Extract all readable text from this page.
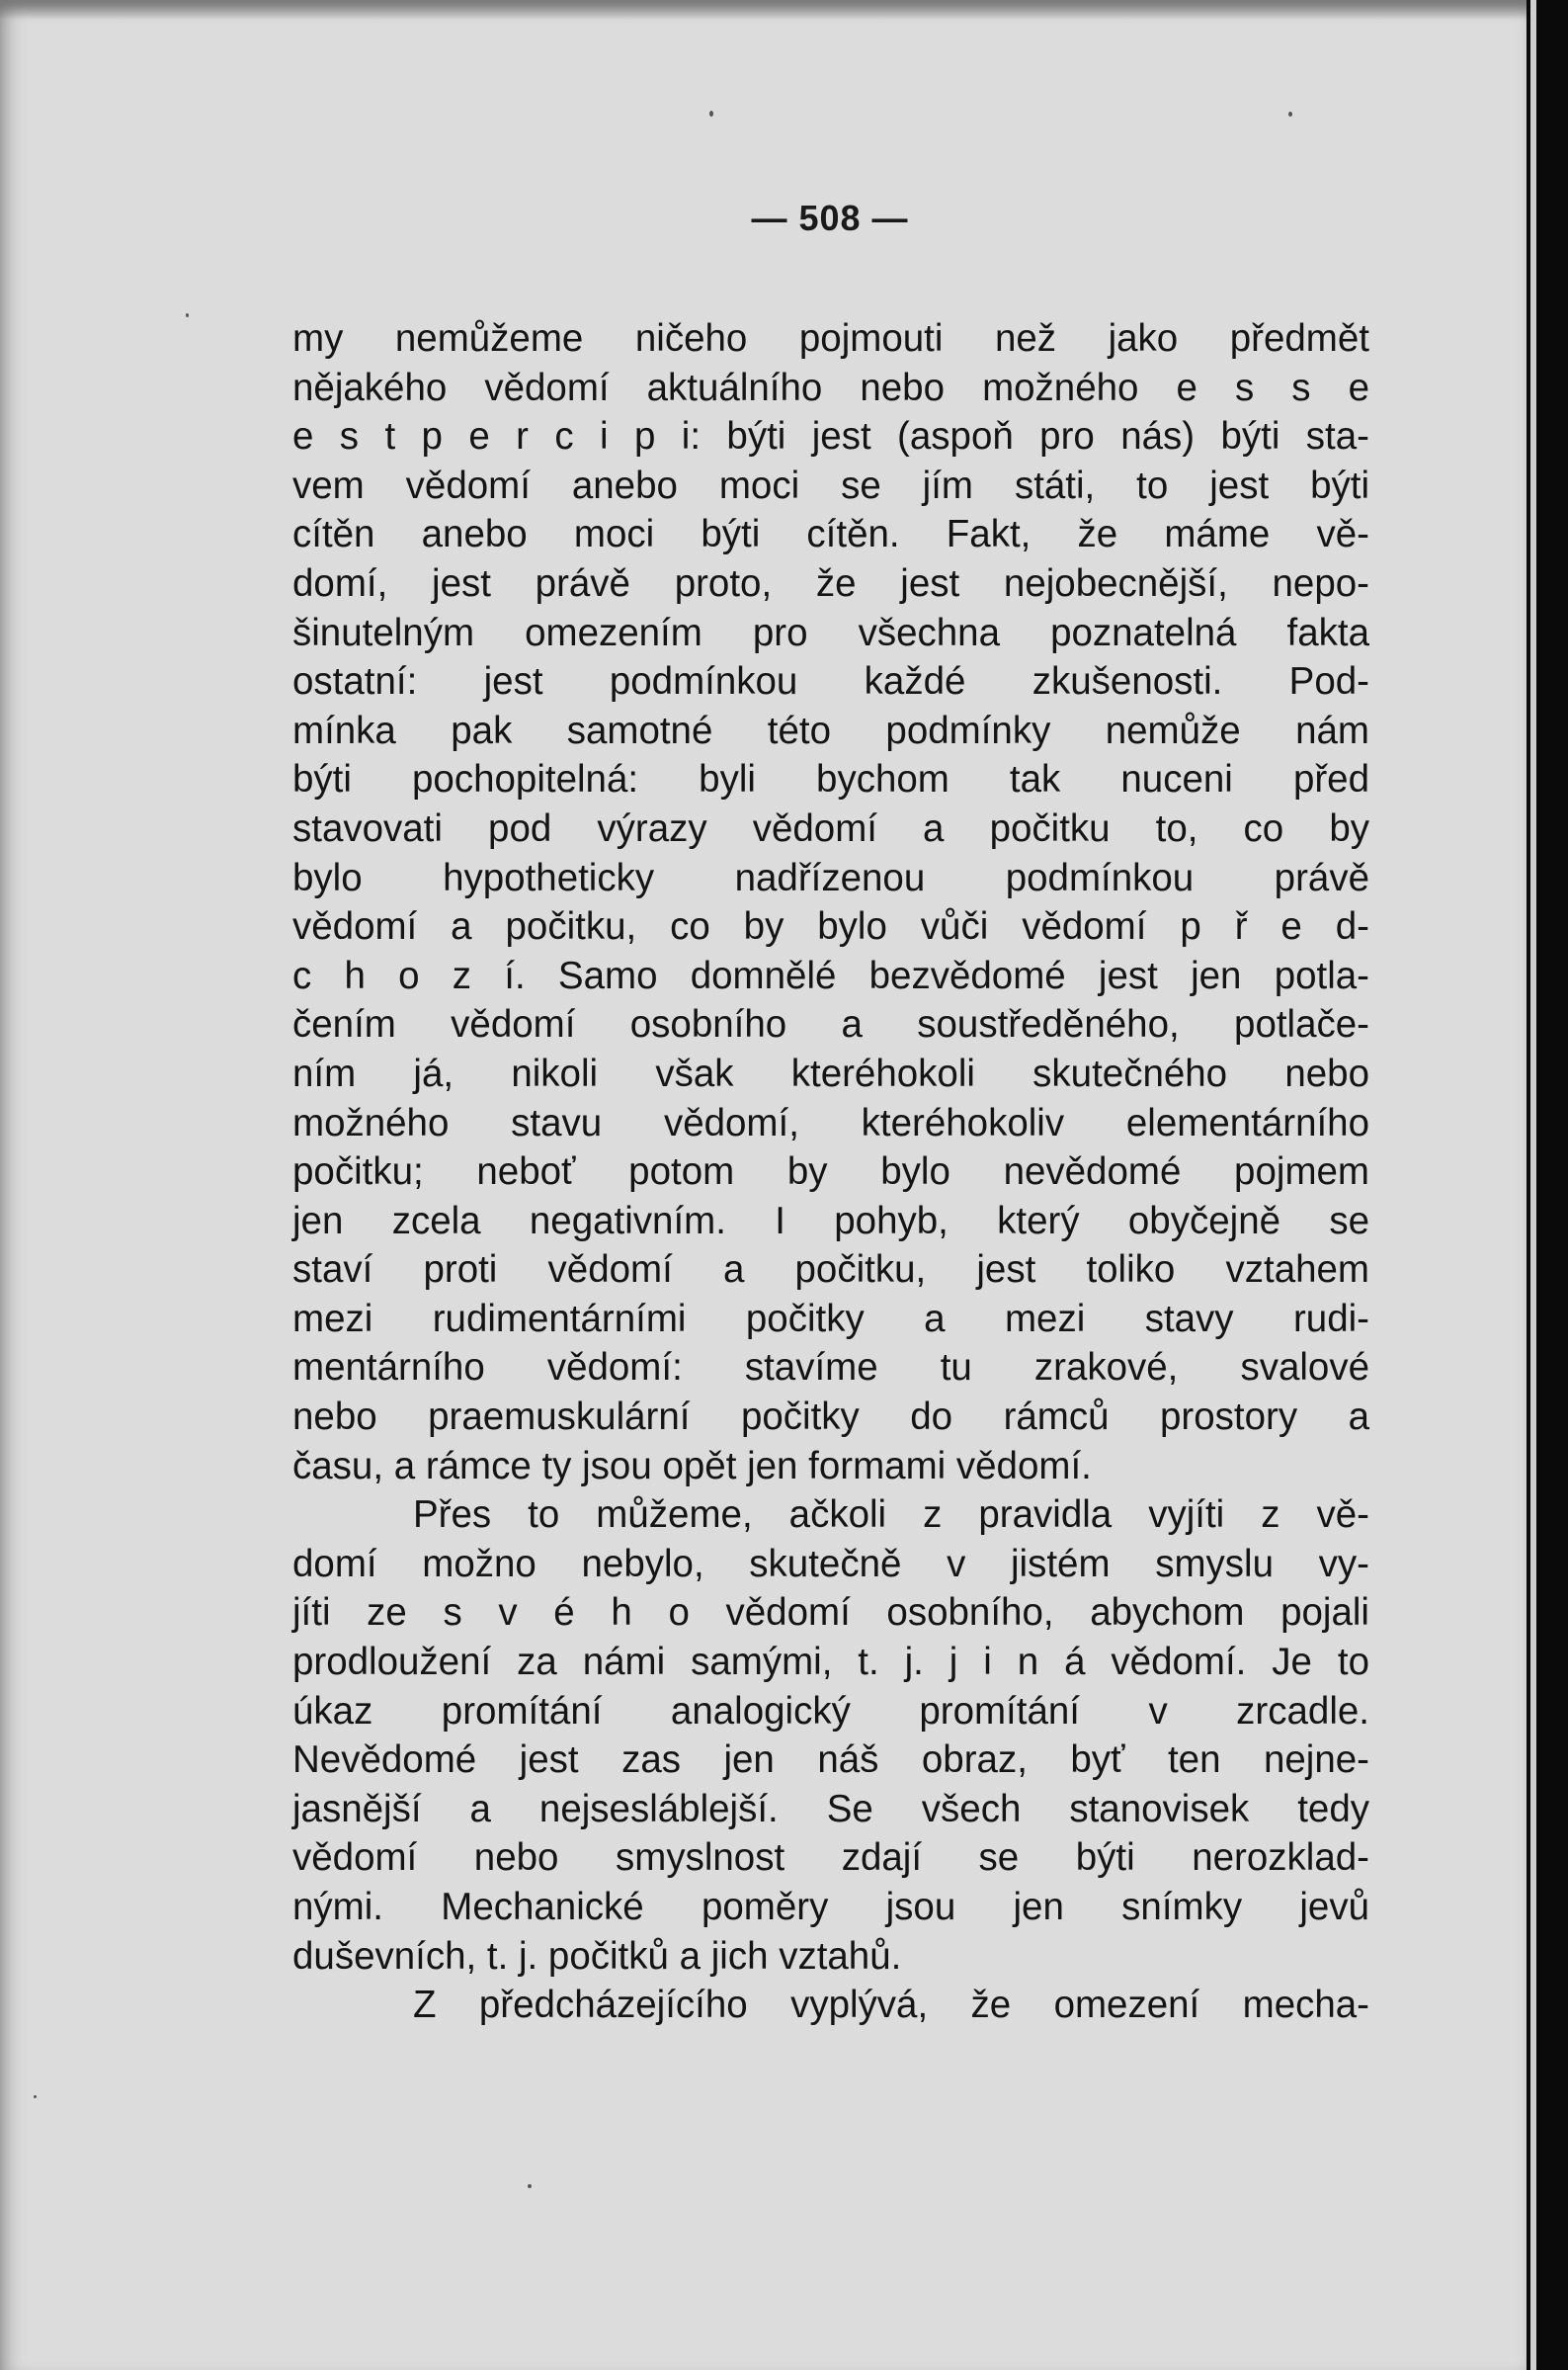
— 508 —
my nemůžeme ničeho pojmouti než jako předmět
nějakého vědomí aktuálního nebo možného e s s e
e s t p e r c i p i: býti jest (aspoň pro nás) býti sta-
vem vědomí anebo moci se jím státi, to jest býti
cítěn anebo moci býti cítěn. Fakt, že máme vě-
domí, jest právě proto, že jest nejobecnější, nepo-
šinutelným omezením pro všechna poznatelná fakta
ostatní: jest podmínkou každé zkušenosti. Pod-
mínka pak samotné této podmínky nemůže nám
býti pochopitelná: byli bychom tak nuceni před
stavovati pod výrazy vědomí a počitku to, co by
bylo hypotheticky nadřízenou podmínkou právě
vědomí a počitku, co by bylo vůči vědomí p ř e d-
c h o z í. Samo domnělé bezvědomé jest jen potla-
čením vědomí osobního a soustředěného, potlače-
ním já, nikoli však kteréhokoli skutečného nebo
možného stavu vědomí, kteréhokoliv elementárního
počitku; neboť potom by bylo nevědomé pojmem
jen zcela negativním. I pohyb, který obyčejně se
staví proti vědomí a počitku, jest toliko vztahem
mezi rudimentárními počitky a mezi stavy rudi-
mentárního vědomí: stavíme tu zrakové, svalové
nebo praemuskulární počitky do rámců prostory a
času, a rámce ty jsou opět jen formami vědomí.
Přes to můžeme, ačkoli z pravidla vyjíti z vě-
domí možno nebylo, skutečně v jistém smyslu vy-
jíti ze s v é h o vědomí osobního, abychom pojali
prodloužení za námi samými, t. j. j i n á vědomí. Je to
úkaz promítání analogický promítání v zrcadle.
Nevědomé jest zas jen náš obraz, byť ten nejne-
jasnější a nejsesláblejší. Se všech stanovisek tedy
vědomí nebo smyslnost zdají se býti nerozklad-
nými. Mechanické poměry jsou jen snímky jevů
duševních, t. j. počitků a jich vztahů.
Z předcházejícího vyplývá, že omezení mecha-
